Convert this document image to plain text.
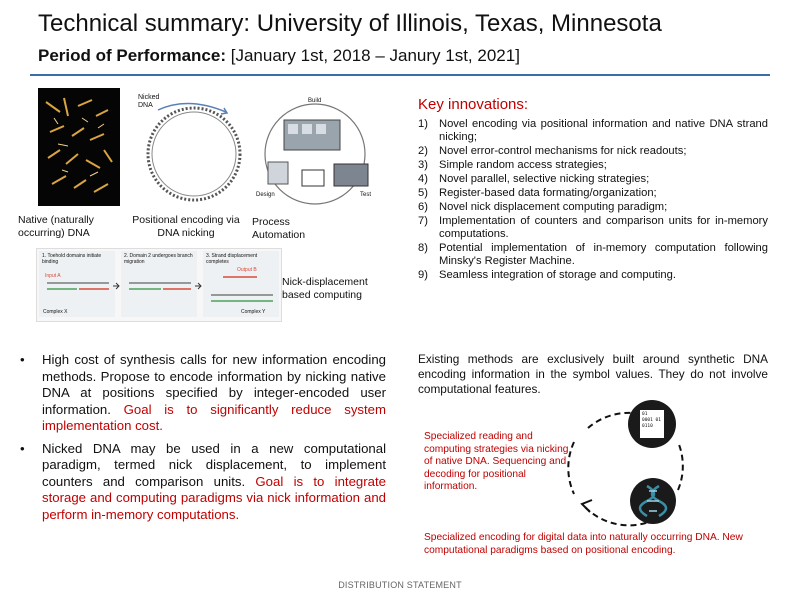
Technical summary: University of Illinois, Texas, Minnesota
Period of Performance: [January 1st, 2018 – Janury 1st, 2021]
Native (naturally occurring) DNA
Nicked DNA
Positional encoding via DNA nicking
Build
Design	Test
Process Automation
1. Toehold domains initiate binding
2. Domain 2 undergoes branch migration
3. Strand displacement completes
Input A
Output B
Complex X	Complex Y
Nick-displacement based computing
Key innovations:
1) Novel encoding via positional information and native DNA strand nicking;
2) Novel error-control mechanisms for nick readouts;
3) Simple random access strategies;
4) Novel parallel, selective nicking strategies;
5) Register-based data formating/organization;
6) Novel nick displacement computing paradigm;
7) Implementation of counters and comparison units for in-memory computations.
8) Potential implementation of in-memory computation following Minsky's Register Machine.
9) Seamless integration of storage and computing.
• High cost of synthesis calls for new information encoding methods. Propose to encode information by nicking native DNA at positions specified by integer-encoded user information. Goal is to significantly reduce system implementation cost.
• Nicked DNA may be used in a new computational paradigm, termed nick displacement, to implement counters and comparison units. Goal is to integrate storage and computing paradigms via nick information and perform in-memory computations.
Existing methods are exclusively built around synthetic DNA encoding information in the symbol values. They do not involve computational features.
01
0001 01
0110
Specialized reading and computing strategies via nicking of native DNA. Sequencing and decoding for positional information.
Specialized encoding for digital data into naturally occurring DNA. New computational paradigms based on positional encoding.
DISTRIBUTION STATEMENT
